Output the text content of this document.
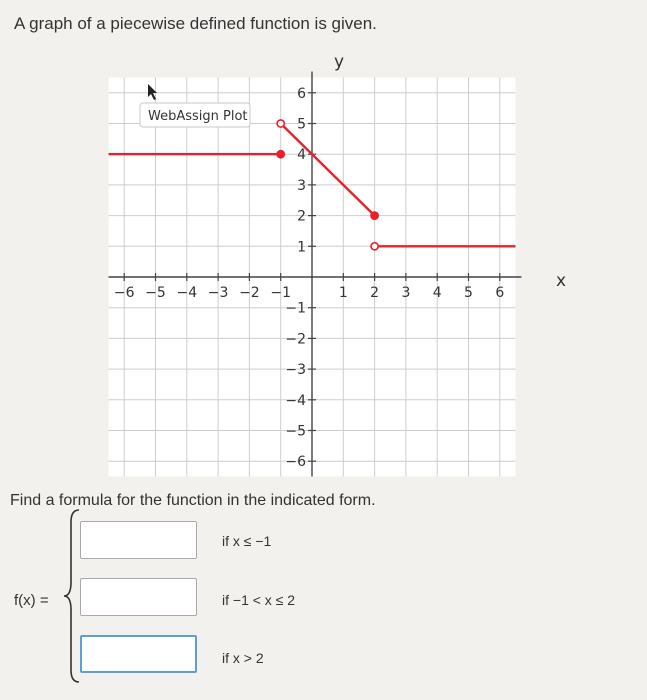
A graph of a piecewise defined function is given.
−6 −5 −4 −3 −2 −1	1 2 3 4 5 6
6
5
4
3
2
1
−1
−2
−3
−4
−5
−6
WebAssign Plot
y
x
Find a formula for the function in the indicated form.
f(x) =
if x ≤ −1
if −1 < x ≤ 2
if x > 2
